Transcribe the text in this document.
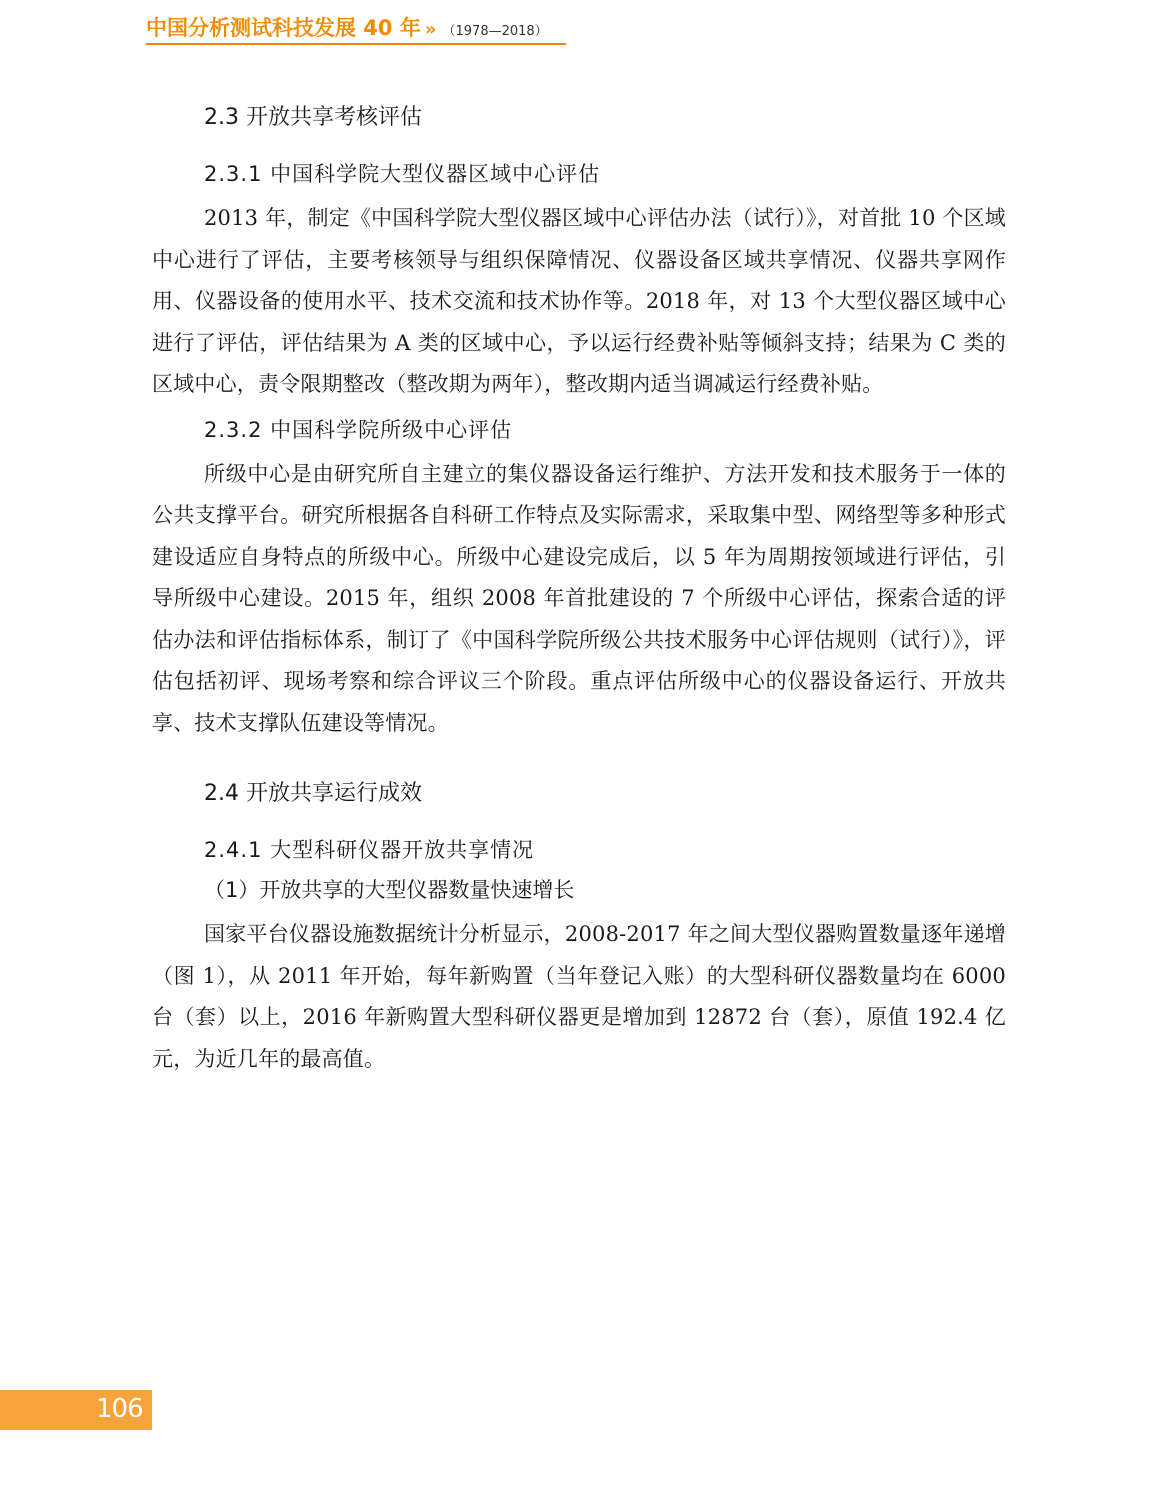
中国分析测试科技发展 40 年 » （1978—2018）
2.3 开放共享考核评估
2.3.1 中国科学院大型仪器区域中心评估

2013 年，制定《中国科学院大型仪器区域中心评估办法（试行）》，对首批 10 个区域中心进行了评估，主要考核领导与组织保障情况、仪器设备区域共享情况、仪器共享网作用、仪器设备的使用水平、技术交流和技术协作等。2018 年，对 13 个大型仪器区域中心进行了评估，评估结果为 A 类的区域中心，予以运行经费补贴等倾斜支持；结果为 C 类的区域中心，责令限期整改（整改期为两年），整改期内适当调减运行经费补贴。

2.3.2 中国科学院所级中心评估

所级中心是由研究所自主建立的集仪器设备运行维护、方法开发和技术服务于一体的公共支撑平台。研究所根据各自科研工作特点及实际需求，采取集中型、网络型等多种形式建设适应自身特点的所级中心。所级中心建设完成后，以 5 年为周期按领域进行评估，引导所级中心建设。2015 年，组织 2008 年首批建设的 7 个所级中心评估，探索合适的评估办法和评估指标体系，制订了《中国科学院所级公共技术服务中心评估规则（试行）》，评估包括初评、现场考察和综合评议三个阶段。重点评估所级中心的仪器设备运行、开放共享、技术支撑队伍建设等情况。

2.4 开放共享运行成效
2.4.1 大型科研仪器开放共享情况
（1）开放共享的大型仪器数量快速增长

国家平台仪器设施数据统计分析显示，2008-2017 年之间大型仪器购置数量逐年递增（图 1），从 2011 年开始，每年新购置（当年登记入账）的大型科研仪器数量均在 6000 台（套）以上，2016 年新购置大型科研仪器更是增加到 12872 台（套），原值 192.4 亿元，为近几年的最高值。

106
